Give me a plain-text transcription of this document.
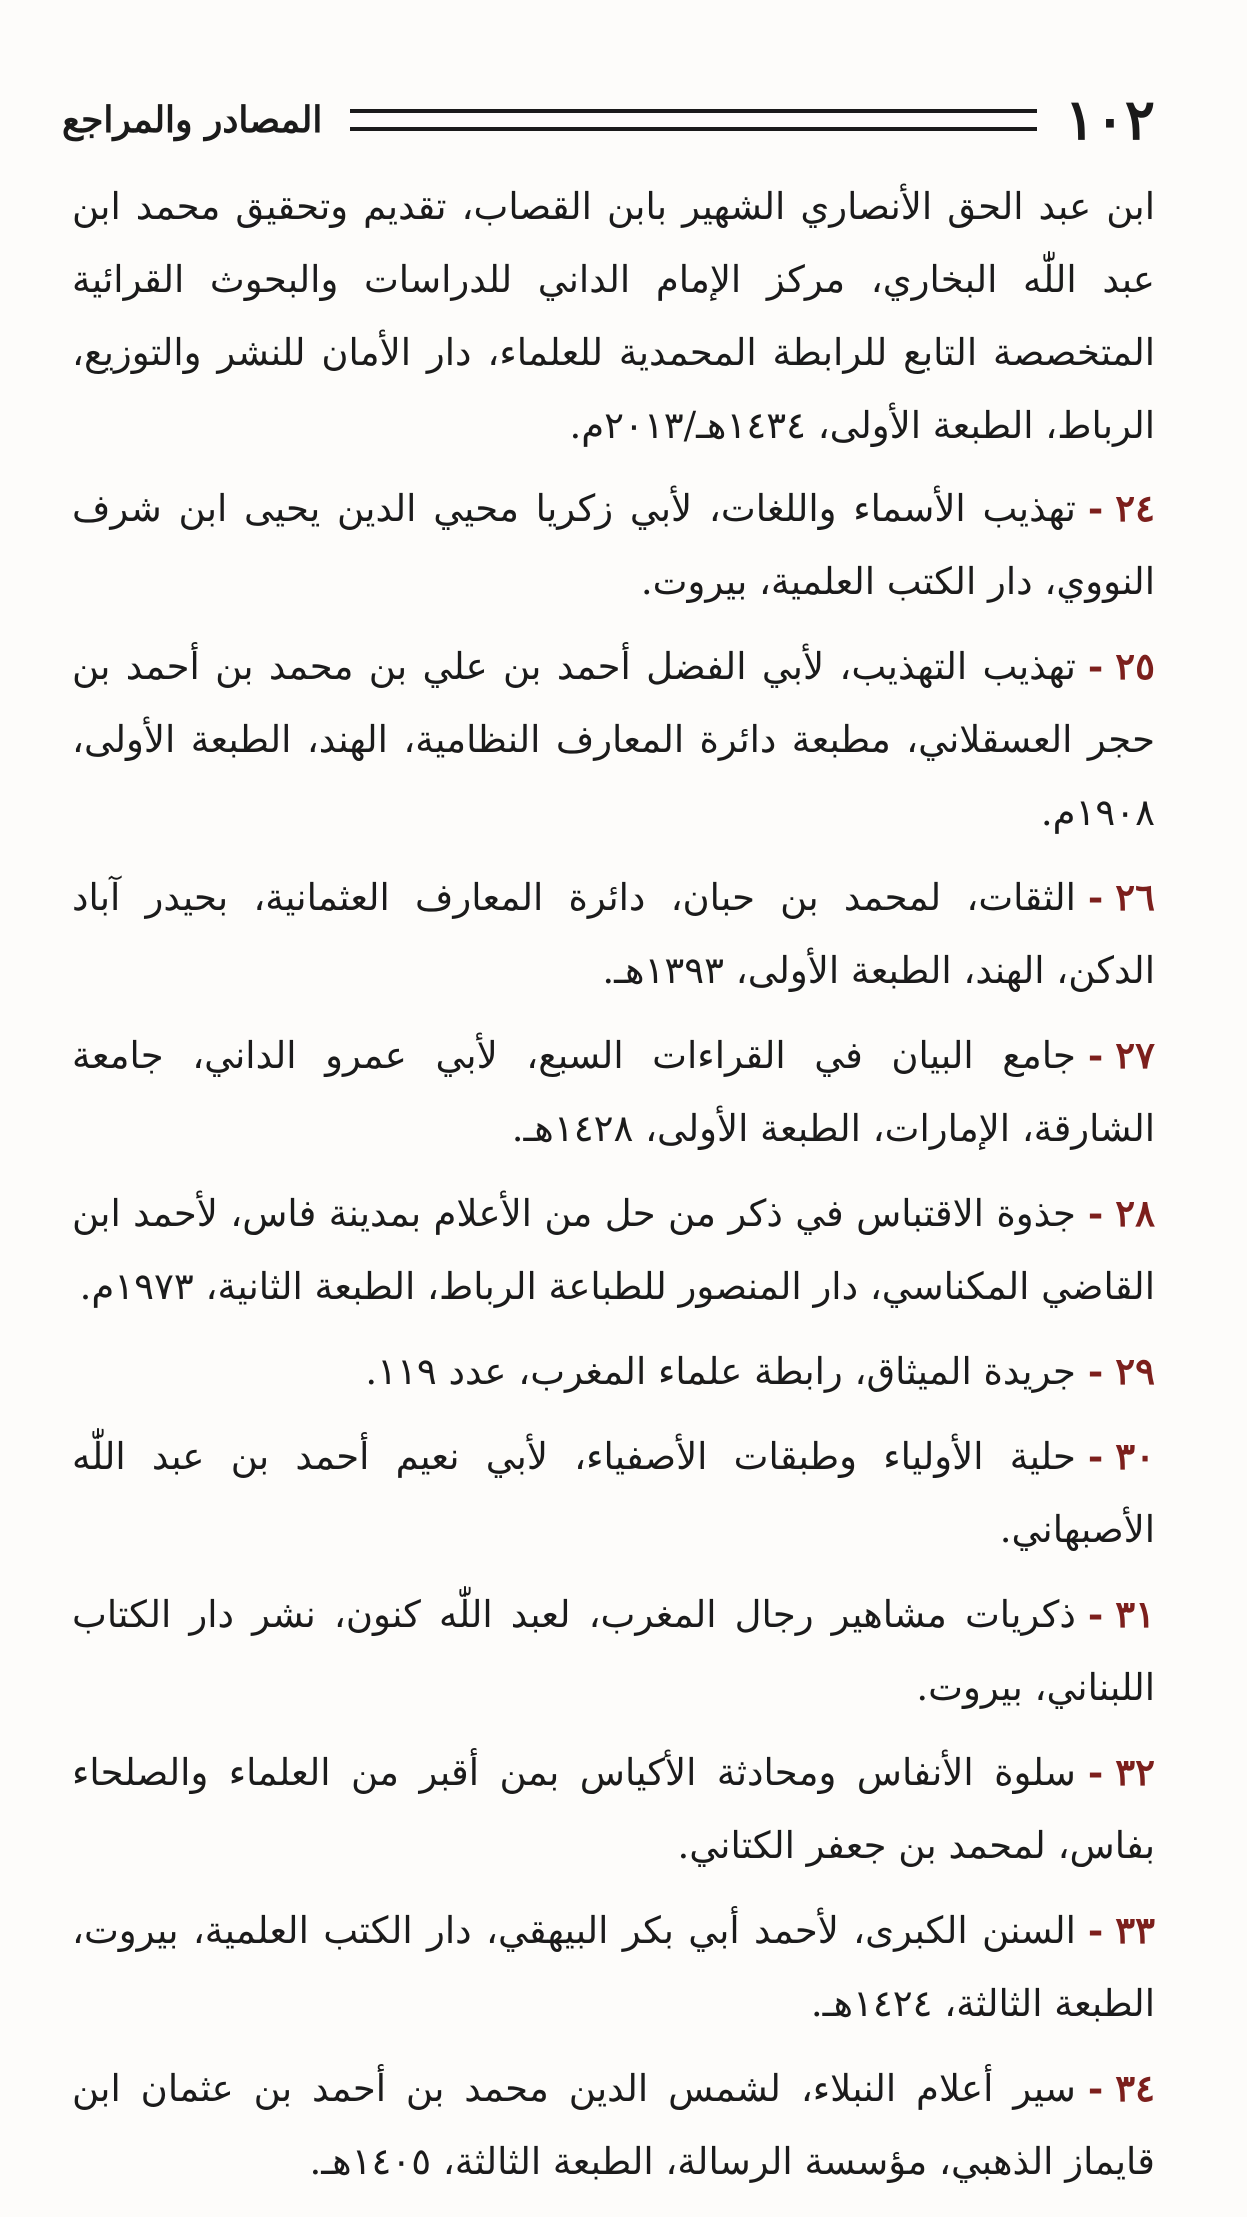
١٠٢
المصادر والمراجع

ابن عبد الحق الأنصاري الشهير بابن القصاب، تقديم وتحقيق محمد ابن عبد اللّٰه البخاري، مركز الإمام الداني للدراسات والبحوث القرائية المتخصصة التابع للرابطة المحمدية للعلماء، دار الأمان للنشر والتوزيع، الرباط، الطبعة الأولى، ١٤٣٤هـ/٢٠١٣م.

٢٤-تهذيب الأسماء واللغات، لأبي زكريا محيي الدين يحيى ابن شرف النووي، دار الكتب العلمية، بيروت.

٢٥-تهذيب التهذيب، لأبي الفضل أحمد بن علي بن محمد بن أحمد بن حجر العسقلاني، مطبعة دائرة المعارف النظامية، الهند، الطبعة الأولى، ١٩٠٨م.

٢٦-الثقات، لمحمد بن حبان، دائرة المعارف العثمانية، بحيدر آباد الدكن، الهند، الطبعة الأولى، ١٣٩٣هـ.

٢٧-جامع البيان في القراءات السبع، لأبي عمرو الداني، جامعة الشارقة، الإمارات، الطبعة الأولى، ١٤٢٨هـ.

٢٨-جذوة الاقتباس في ذكر من حل من الأعلام بمدينة فاس، لأحمد ابن القاضي المكناسي، دار المنصور للطباعة الرباط، الطبعة الثانية، ١٩٧٣م.

٢٩-جريدة الميثاق، رابطة علماء المغرب، عدد ١١٩.

٣٠-حلية الأولياء وطبقات الأصفياء، لأبي نعيم أحمد بن عبد اللّٰه الأصبهاني.

٣١-ذكريات مشاهير رجال المغرب، لعبد اللّٰه كنون، نشر دار الكتاب اللبناني، بيروت.

٣٢-سلوة الأنفاس ومحادثة الأكياس بمن أقبر من العلماء والصلحاء بفاس، لمحمد بن جعفر الكتاني.

٣٣-السنن الكبرى، لأحمد أبي بكر البيهقي، دار الكتب العلمية، بيروت، الطبعة الثالثة، ١٤٢٤هـ.

٣٤-سير أعلام النبلاء، لشمس الدين محمد بن أحمد بن عثمان ابن قايماز الذهبي، مؤسسة الرسالة، الطبعة الثالثة، ١٤٠٥هـ.
